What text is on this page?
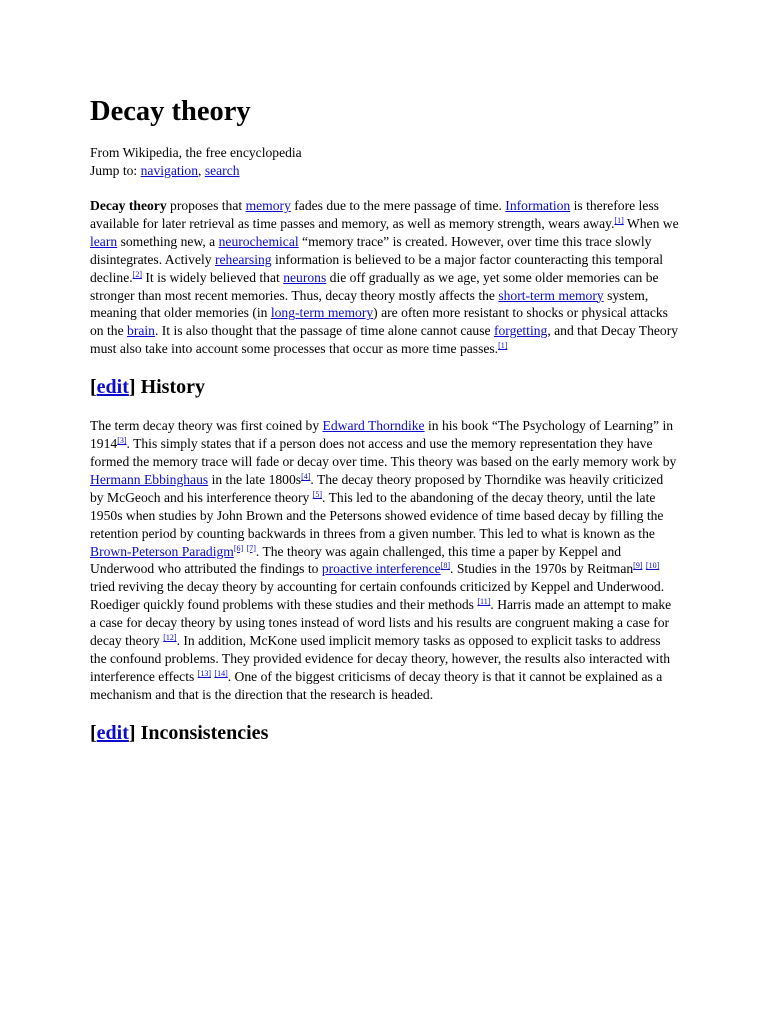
Decay theory
From Wikipedia, the free encyclopedia
Jump to: navigation, search

Decay theory proposes that memory fades due to the mere passage of time. Information is therefore less available for later retrieval as time passes and memory, as well as memory strength, wears away.[1] When we learn something new, a neurochemical “memory trace” is created. However, over time this trace slowly disintegrates. Actively rehearsing information is believed to be a major factor counteracting this temporal decline.[2] It is widely believed that neurons die off gradually as we age, yet some older memories can be stronger than most recent memories. Thus, decay theory mostly affects the short-term memory system, meaning that older memories (in long-term memory) are often more resistant to shocks or physical attacks on the brain. It is also thought that the passage of time alone cannot cause forgetting, and that Decay Theory must also take into account some processes that occur as more time passes.[1]

[edit] History

The term decay theory was first coined by Edward Thorndike in his book “The Psychology of Learning” in 1914[3]. This simply states that if a person does not access and use the memory representation they have formed the memory trace will fade or decay over time. This theory was based on the early memory work by Hermann Ebbinghaus in the late 1800s[4]. The decay theory proposed by Thorndike was heavily criticized by McGeoch and his interference theory [5]. This led to the abandoning of the decay theory, until the late 1950s when studies by John Brown and the Petersons showed evidence of time based decay by filling the retention period by counting backwards in threes from a given number. This led to what is known as the Brown-Peterson Paradigm[6] [7]. The theory was again challenged, this time a paper by Keppel and Underwood who attributed the findings to proactive interference[8]. Studies in the 1970s by Reitman[9] [10] tried reviving the decay theory by accounting for certain confounds criticized by Keppel and Underwood. Roediger quickly found problems with these studies and their methods [11]. Harris made an attempt to make a case for decay theory by using tones instead of word lists and his results are congruent making a case for decay theory [12]. In addition, McKone used implicit memory tasks as opposed to explicit tasks to address the confound problems. They provided evidence for decay theory, however, the results also interacted with interference effects [13] [14]. One of the biggest criticisms of decay theory is that it cannot be explained as a mechanism and that is the direction that the research is headed.

[edit] Inconsistencies
